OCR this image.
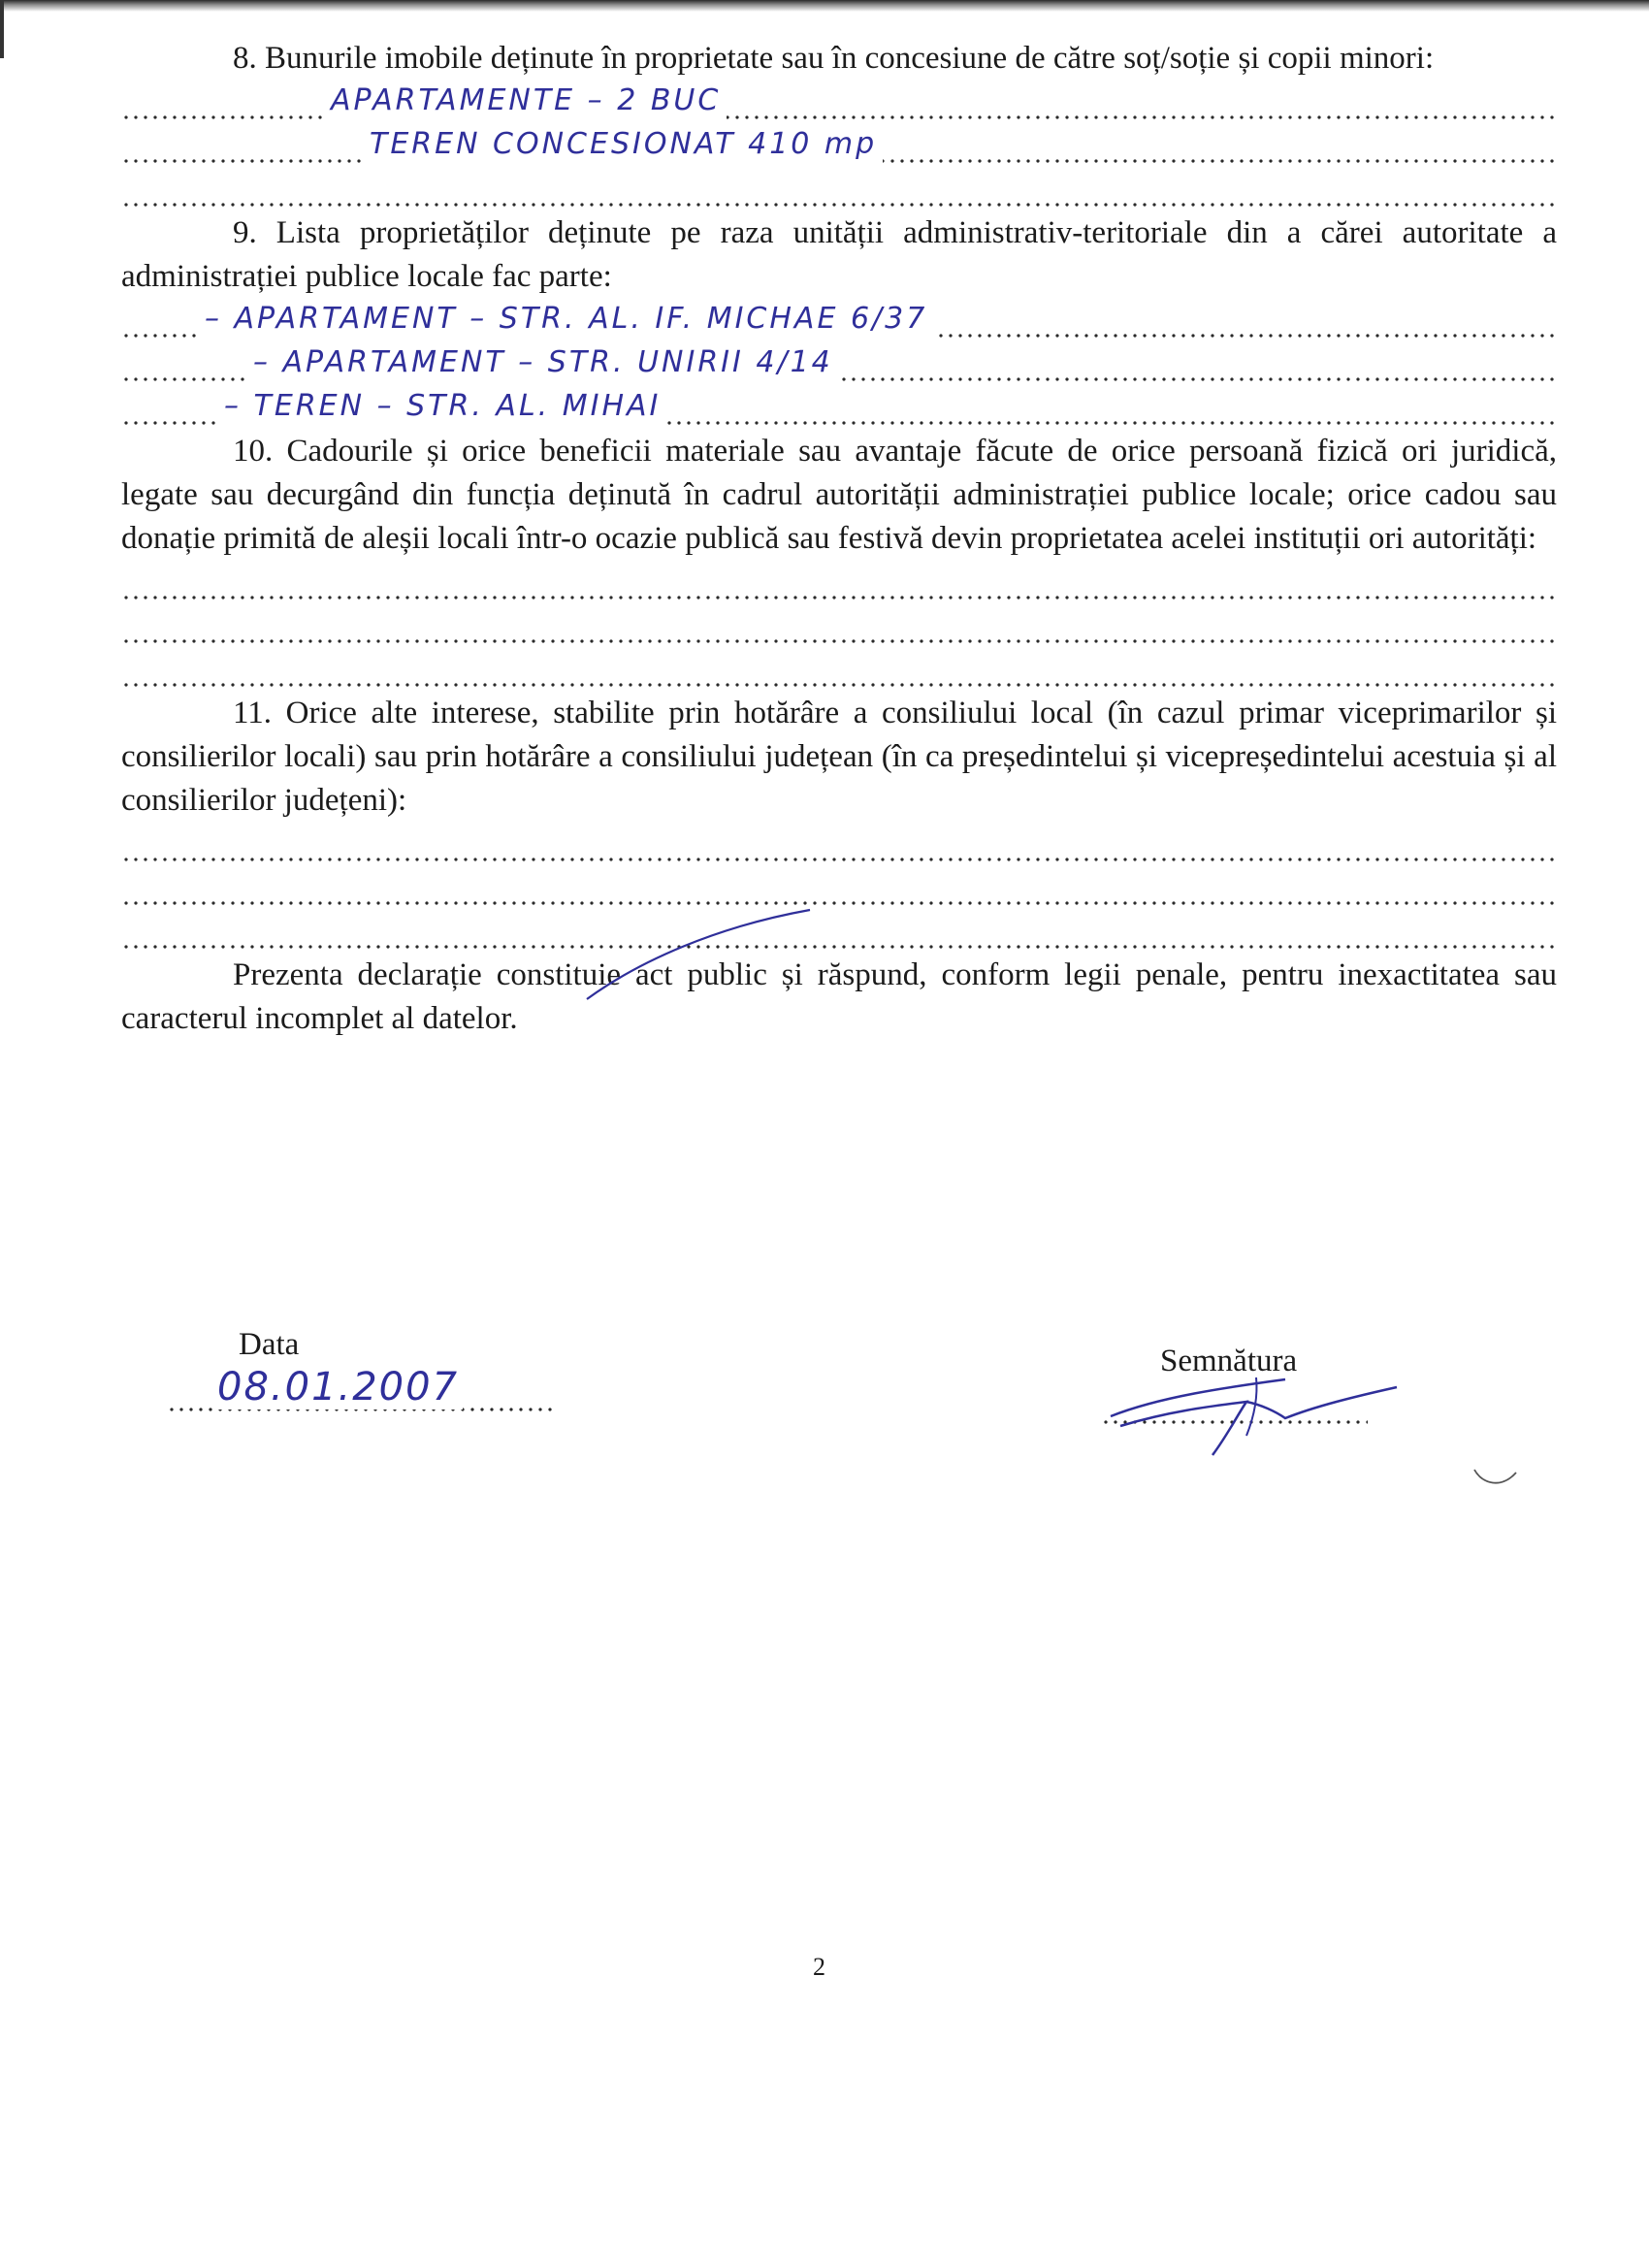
8. Bunurile imobile deținute în proprietate sau în concesiune de către soț/soție și copii minori:

APARTAMENTE – 2 BUC
TEREN CONCESIONAT 410 mp

9. Lista proprietăților deținute pe raza unității administrativ-teritoriale din a cărei autoritate a administrației publice locale fac parte:

– APARTAMENT – STR. AL. IF. MICHAE 6/37
– APARTAMENT – STR. UNIRII 4/14
– TEREN – STR. AL. MIHAI

10. Cadourile și orice beneficii materiale sau avantaje făcute de orice persoană fizică ori juridică, legate sau decurgând din funcția deținută în cadrul autorității administrației publice locale; orice cadou sau donație primită de aleșii locali într-o ocazie publică sau festivă devin proprietatea acelei instituții ori autorități:

11. Orice alte interese, stabilite prin hotărâre a consiliului local (în cazul primar viceprimarilor și consilierilor locali) sau prin hotărâre a consiliului județean (în ca președintelui și vicepreședintelui acestuia și al consilierilor județeni):

Prezenta declarație constituie act public și răspund, conform legii penale, pentru inexactitatea sau caracterul incomplet al datelor.

Data
08.01.2007
Semnătura
2
